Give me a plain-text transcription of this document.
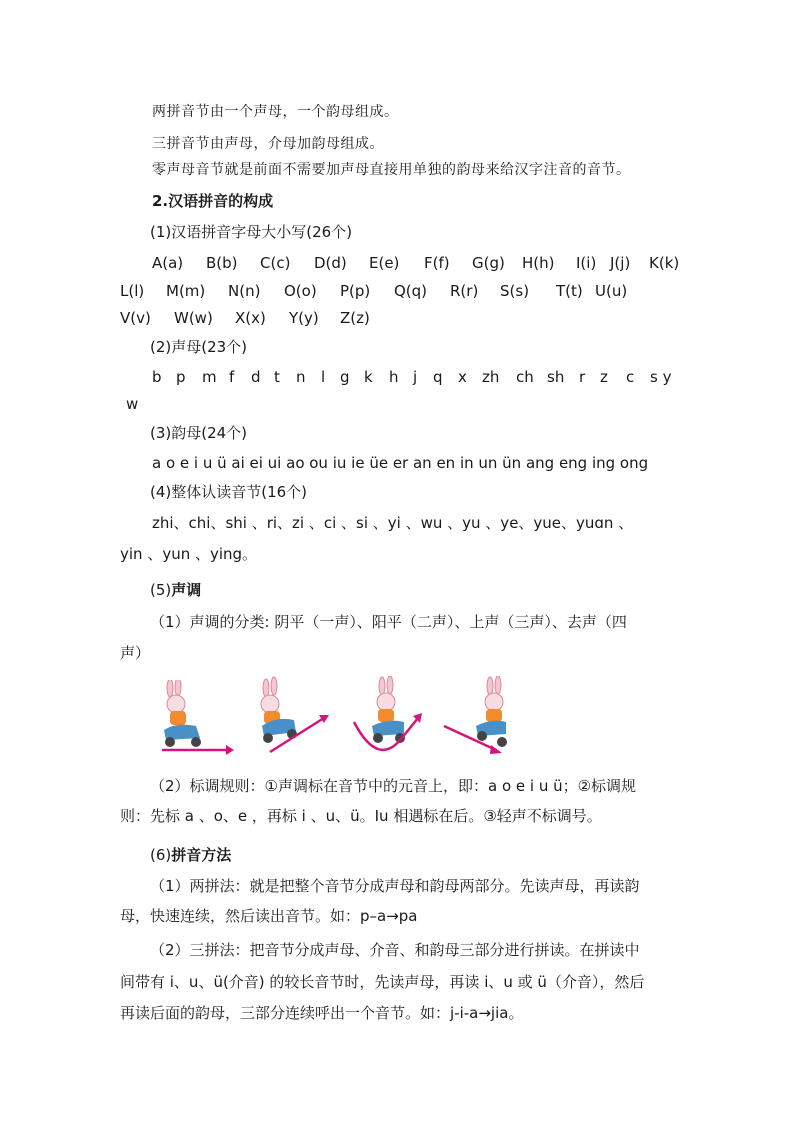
两拼音节由一个声母，一个韵母组成。
三拼音节由声母，介母加韵母组成。
零声母音节就是前面不需要加声母直接用单独的韵母来给汉字注音的音节。
2.汉语拼音的构成
(1)汉语拼音字母大小写(26个)
A(a) B(b) C(c) D(d) E(e) F(f) G(g) H(h) I(i) J(j) K(k)
L(l) M(m) N(n) O(o) P(p) Q(q) R(r) S(s) T(t) U(u)
V(v) W(w) X(x) Y(y) Z(z)
(2)声母(23个)
b p m f d t n l g k h j q x zh ch sh r z c s y
w
(3)韵母(24个)
a o e i u ü ai ei ui ao ou iu ie üe er an en in un ün ang eng ing ong
(4)整体认读音节(16个)
zhi、chi、shi 、ri、zi 、ci 、si 、yi 、wu 、yu 、ye、yue、yuɑn 、
yin 、yun 、ying。
(5)声调
（1）声调的分类: 阴平（一声）、阳平（二声）、上声（三声）、去声（四
声）
（2）标调规则：①声调标在音节中的元音上，即：a o e i u ü；②标调规
则：先标 a 、o、e ，再标 i 、u、ü。Iu 相遇标在后。③轻声不标调号。
(6)拼音方法
（1）两拼法：就是把整个音节分成声母和韵母两部分。先读声母，再读韵
母，快速连续，然后读出音节。如：p–a→pa
（2）三拼法：把音节分成声母、介音、和韵母三部分进行拼读。在拼读中
间带有 i、u、ü(介音) 的较长音节时，先读声母，再读 i、u 或 ü（介音），然后
再读后面的韵母，三部分连续呼出一个音节。如：j-i-a→jia。
